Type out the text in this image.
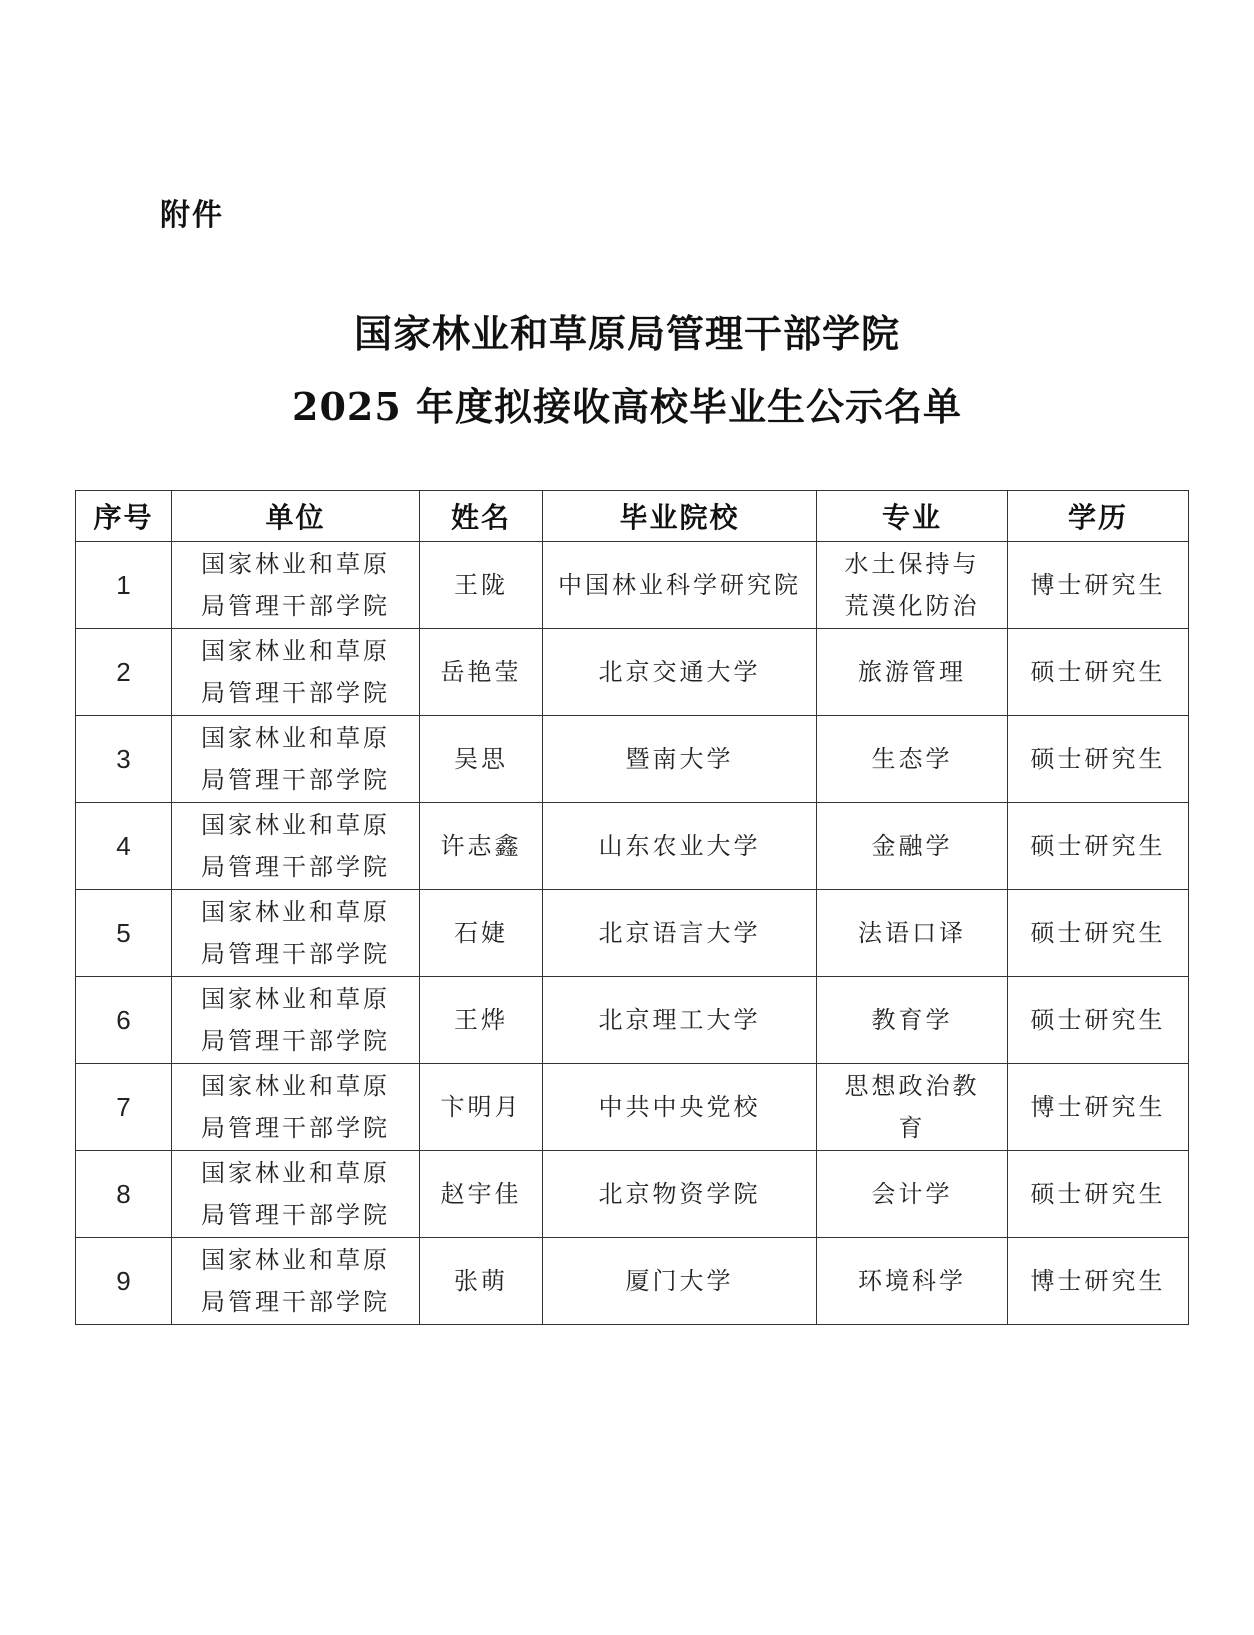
附件
国家林业和草原局管理干部学院
2025 年度拟接收高校毕业生公示名单
序号	单位	姓名	毕业院校	专业	学历
1	国家林业和草原局管理干部学院	王陇	中国林业科学研究院	水土保持与荒漠化防治	博士研究生
2	国家林业和草原局管理干部学院	岳艳莹	北京交通大学	旅游管理	硕士研究生
3	国家林业和草原局管理干部学院	吴思	暨南大学	生态学	硕士研究生
4	国家林业和草原局管理干部学院	许志鑫	山东农业大学	金融学	硕士研究生
5	国家林业和草原局管理干部学院	石婕	北京语言大学	法语口译	硕士研究生
6	国家林业和草原局管理干部学院	王烨	北京理工大学	教育学	硕士研究生
7	国家林业和草原局管理干部学院	卞明月	中共中央党校	思想政治教育	博士研究生
8	国家林业和草原局管理干部学院	赵宇佳	北京物资学院	会计学	硕士研究生
9	国家林业和草原局管理干部学院	张萌	厦门大学	环境科学	博士研究生
